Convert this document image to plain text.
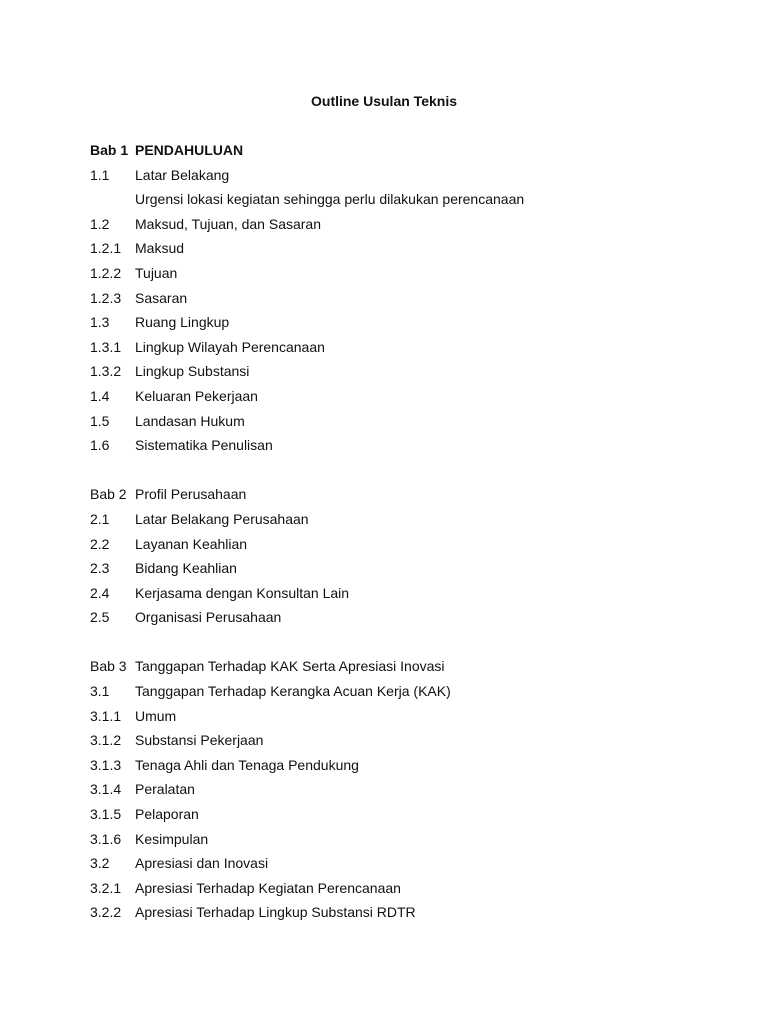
Outline Usulan Teknis
Bab 1 PENDAHULUAN
1.1	Latar Belakang
Urgensi lokasi kegiatan sehingga perlu dilakukan perencanaan
1.2	Maksud, Tujuan, dan Sasaran
1.2.1 Maksud
1.2.2 Tujuan
1.2.3 Sasaran
1.3	Ruang Lingkup
1.3.1 Lingkup Wilayah Perencanaan
1.3.2 Lingkup Substansi
1.4	Keluaran Pekerjaan
1.5	Landasan Hukum
1.6	Sistematika Penulisan
Bab 2 Profil Perusahaan
2.1	Latar Belakang Perusahaan
2.2	Layanan Keahlian
2.3	Bidang Keahlian
2.4	Kerjasama dengan Konsultan Lain
2.5	Organisasi Perusahaan
Bab 3 Tanggapan Terhadap KAK Serta Apresiasi Inovasi
3.1	Tanggapan Terhadap Kerangka Acuan Kerja (KAK)
3.1.1 Umum
3.1.2 Substansi Pekerjaan
3.1.3 Tenaga Ahli dan Tenaga Pendukung
3.1.4 Peralatan
3.1.5 Pelaporan
3.1.6 Kesimpulan
3.2	Apresiasi dan Inovasi
3.2.1 Apresiasi Terhadap Kegiatan Perencanaan
3.2.2 Apresiasi Terhadap Lingkup Substansi RDTR
